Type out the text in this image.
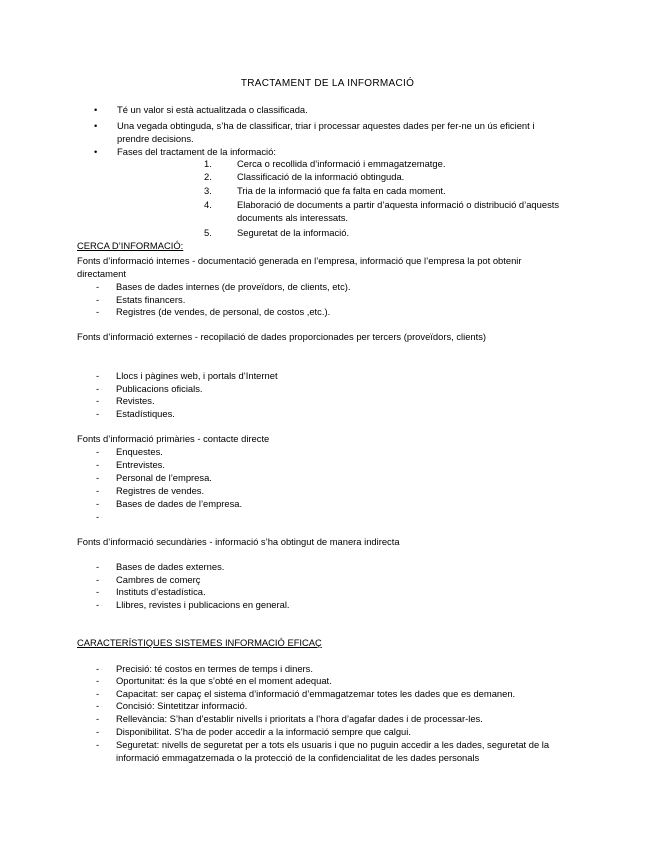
TRACTAMENT DE LA INFORMACIÓ
• Té un valor si està actualitzada o classificada.
• Una vegada obtinguda, s’ha de classificar, triar i processar aquestes dades per fer-ne un ús eficient i
prendre decisions.
• Fases del tractament de la informació:
1.	Cerca o recollida d’informació i emmagatzematge.
2.	Classificació de la informació obtinguda.
3.	Tria de la informació que fa falta en cada moment.
4.	Elaboració de documents a partir d’aquesta informació o distribució d’aquests
documents als interessats.
5.	Seguretat de la informació.
CERCA D’INFORMACIÓ:
Fonts d’informació internes - documentació generada en l’empresa, informació que l’empresa la pot obtenir
directament
- Bases de dades internes (de proveïdors, de clients, etc).
- Estats financers.
- Registres (de vendes, de personal, de costos ,etc.).
Fonts d’informació externes - recopilació de dades proporcionades per tercers (proveïdors, clients)
- Llocs i pàgines web, i portals d’Internet
- Publicacions oficials.
- Revistes.
- Estadístiques.
Fonts d’informació primàries - contacte directe
- Enquestes.
- Entrevistes.
- Personal de l’empresa.
- Registres de vendes.
- Bases de dades de l’empresa.
-
Fonts d’informació secundàries - informació s’ha obtingut de manera indirecta
- Bases de dades externes.
- Cambres de comerç
- Instituts d’estadística.
- Llibres, revistes i publicacions en general.
CARACTERÍSTIQUES SISTEMES INFORMACIÓ EFICAÇ
- Precisió: té costos en termes de temps i diners.
- Oportunitat: és la que s’obté en el moment adequat.
- Capacitat: ser capaç el sistema d’informació d’emmagatzemar totes les dades que es demanen.
- Concisió: Sintetitzar informació.
- Rellevància: S’han d’establir nivells i prioritats a l’hora d’agafar dades i de processar-les.
- Disponibilitat. S’ha de poder accedir a la informació sempre que calgui.
- Seguretat: nivells de seguretat per a tots els usuaris i que no puguin accedir a les dades, seguretat de la
informació emmagatzemada o la protecció de la confidencialitat de les dades personals
